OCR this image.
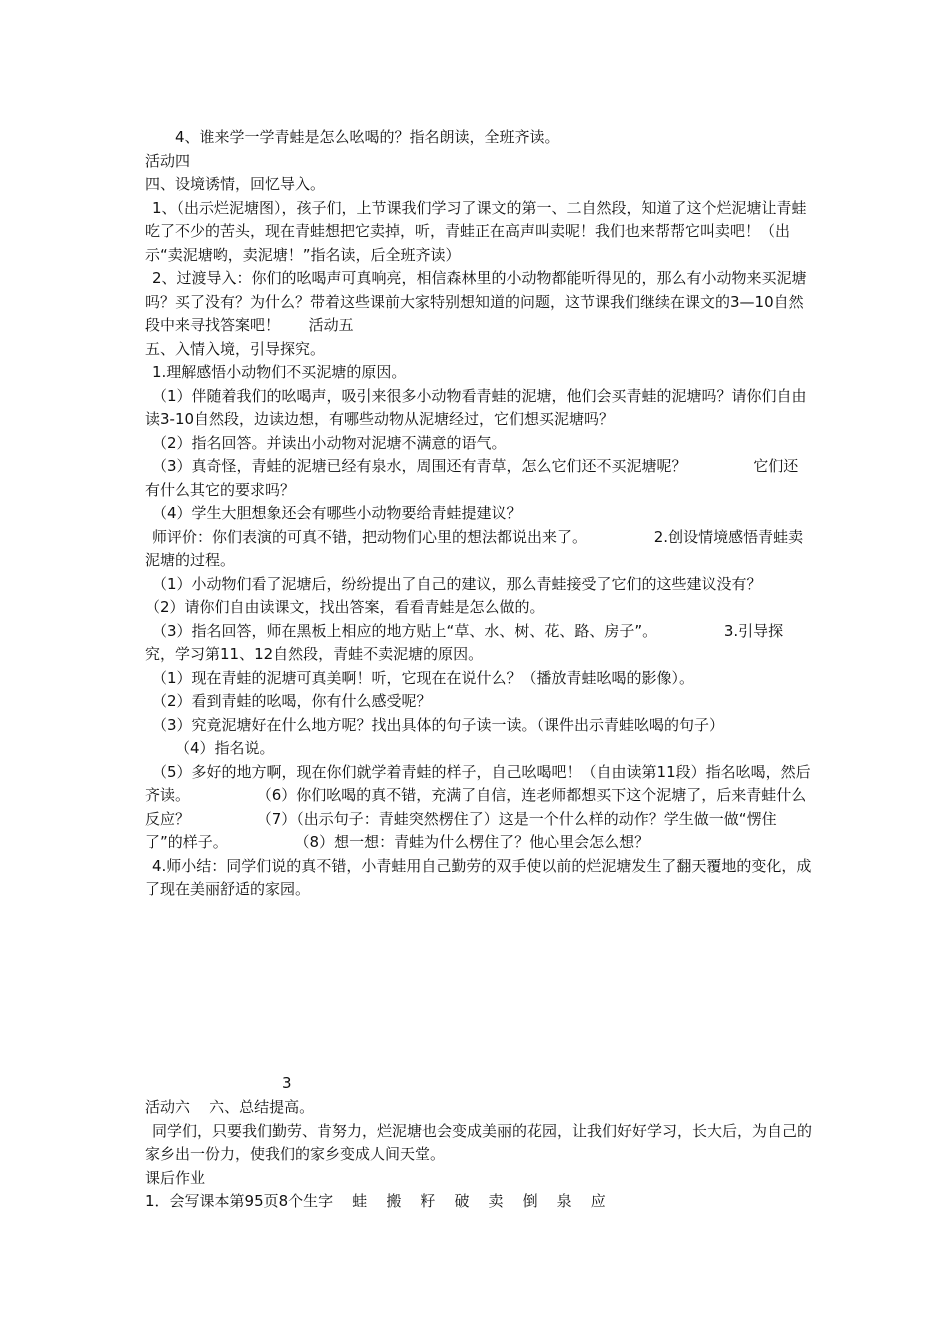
4、谁来学一学青蛙是怎么吆喝的？指名朗读，全班齐读。

活动四

四、设境诱情，回忆导入。

1、（出示烂泥塘图），孩子们，上节课我们学习了课文的第一、二自然段，知道了这个烂泥塘让青蛙吃了不少的苦头，现在青蛙想把它卖掉，听，青蛙正在高声叫卖呢！我们也来帮帮它叫卖吧！（出示“卖泥塘哟，卖泥塘！”指名读，后全班齐读）

2、过渡导入：你们的吆喝声可真响亮，相信森林里的小动物都能听得见的，那么有小动物来买泥塘吗？买了没有？为什么？带着这些课前大家特别想知道的问题，这节课我们继续在课文的3—10自然段中来寻找答案吧！      活动五

五、入情入境，引导探究。

1.理解感悟小动物们不买泥塘的原因。

（1）伴随着我们的吆喝声，吸引来很多小动物看青蛙的泥塘，他们会买青蛙的泥塘吗？请你们自由读3-10自然段，边读边想，有哪些动物从泥塘经过，它们想买泥塘吗？

（2）指名回答。并读出小动物对泥塘不满意的语气。

（3）真奇怪，青蛙的泥塘已经有泉水，周围还有青草，怎么它们还不买泥塘呢？              它们还有什么其它的要求吗？

（4）学生大胆想象还会有哪些小动物要给青蛙提建议？

师评价：你们表演的可真不错，把动物们心里的想法都说出来了。              2.创设情境感悟青蛙卖泥塘的过程。

（1）小动物们看了泥塘后，纷纷提出了自己的建议，那么青蛙接受了它们的这些建议没有？              （2）请你们自由读课文，找出答案，看看青蛙是怎么做的。

（3）指名回答，师在黑板上相应的地方贴上“草、水、树、花、路、房子”。              3.引导探究，学习第11、12自然段，青蛙不卖泥塘的原因。

（1）现在青蛙的泥塘可真美啊！听，它现在在说什么？（播放青蛙吆喝的影像）。

（2）看到青蛙的吆喝，你有什么感受呢？

（3）究竟泥塘好在什么地方呢？找出具体的句子读一读。（课件出示青蛙吆喝的句子）

（4）指名说。

（5）多好的地方啊，现在你们就学着青蛙的样子，自己吆喝吧！（自由读第11段）指名吆喝，然后齐读。              （6）你们吆喝的真不错，充满了自信，连老师都想买下这个泥塘了，后来青蛙什么反应？              （7）（出示句子：青蛙突然楞住了）这是一个什么样的动作？学生做一做“愣住了”的样子。              （8）想一想：青蛙为什么楞住了？他心里会怎么想？

4.师小结：同学们说的真不错，小青蛙用自己勤劳的双手使以前的烂泥塘发生了翻天覆地的变化，成了现在美丽舒适的家园。

3

活动六    六、总结提高。

同学们，只要我们勤劳、肯努力，烂泥塘也会变成美丽的花园，让我们好好学习，长大后，为自己的家乡出一份力，使我们的家乡变成人间天堂。

课后作业

1．会写课本第95页8个生字    蛙    搬    籽    破    卖    倒    泉    应
